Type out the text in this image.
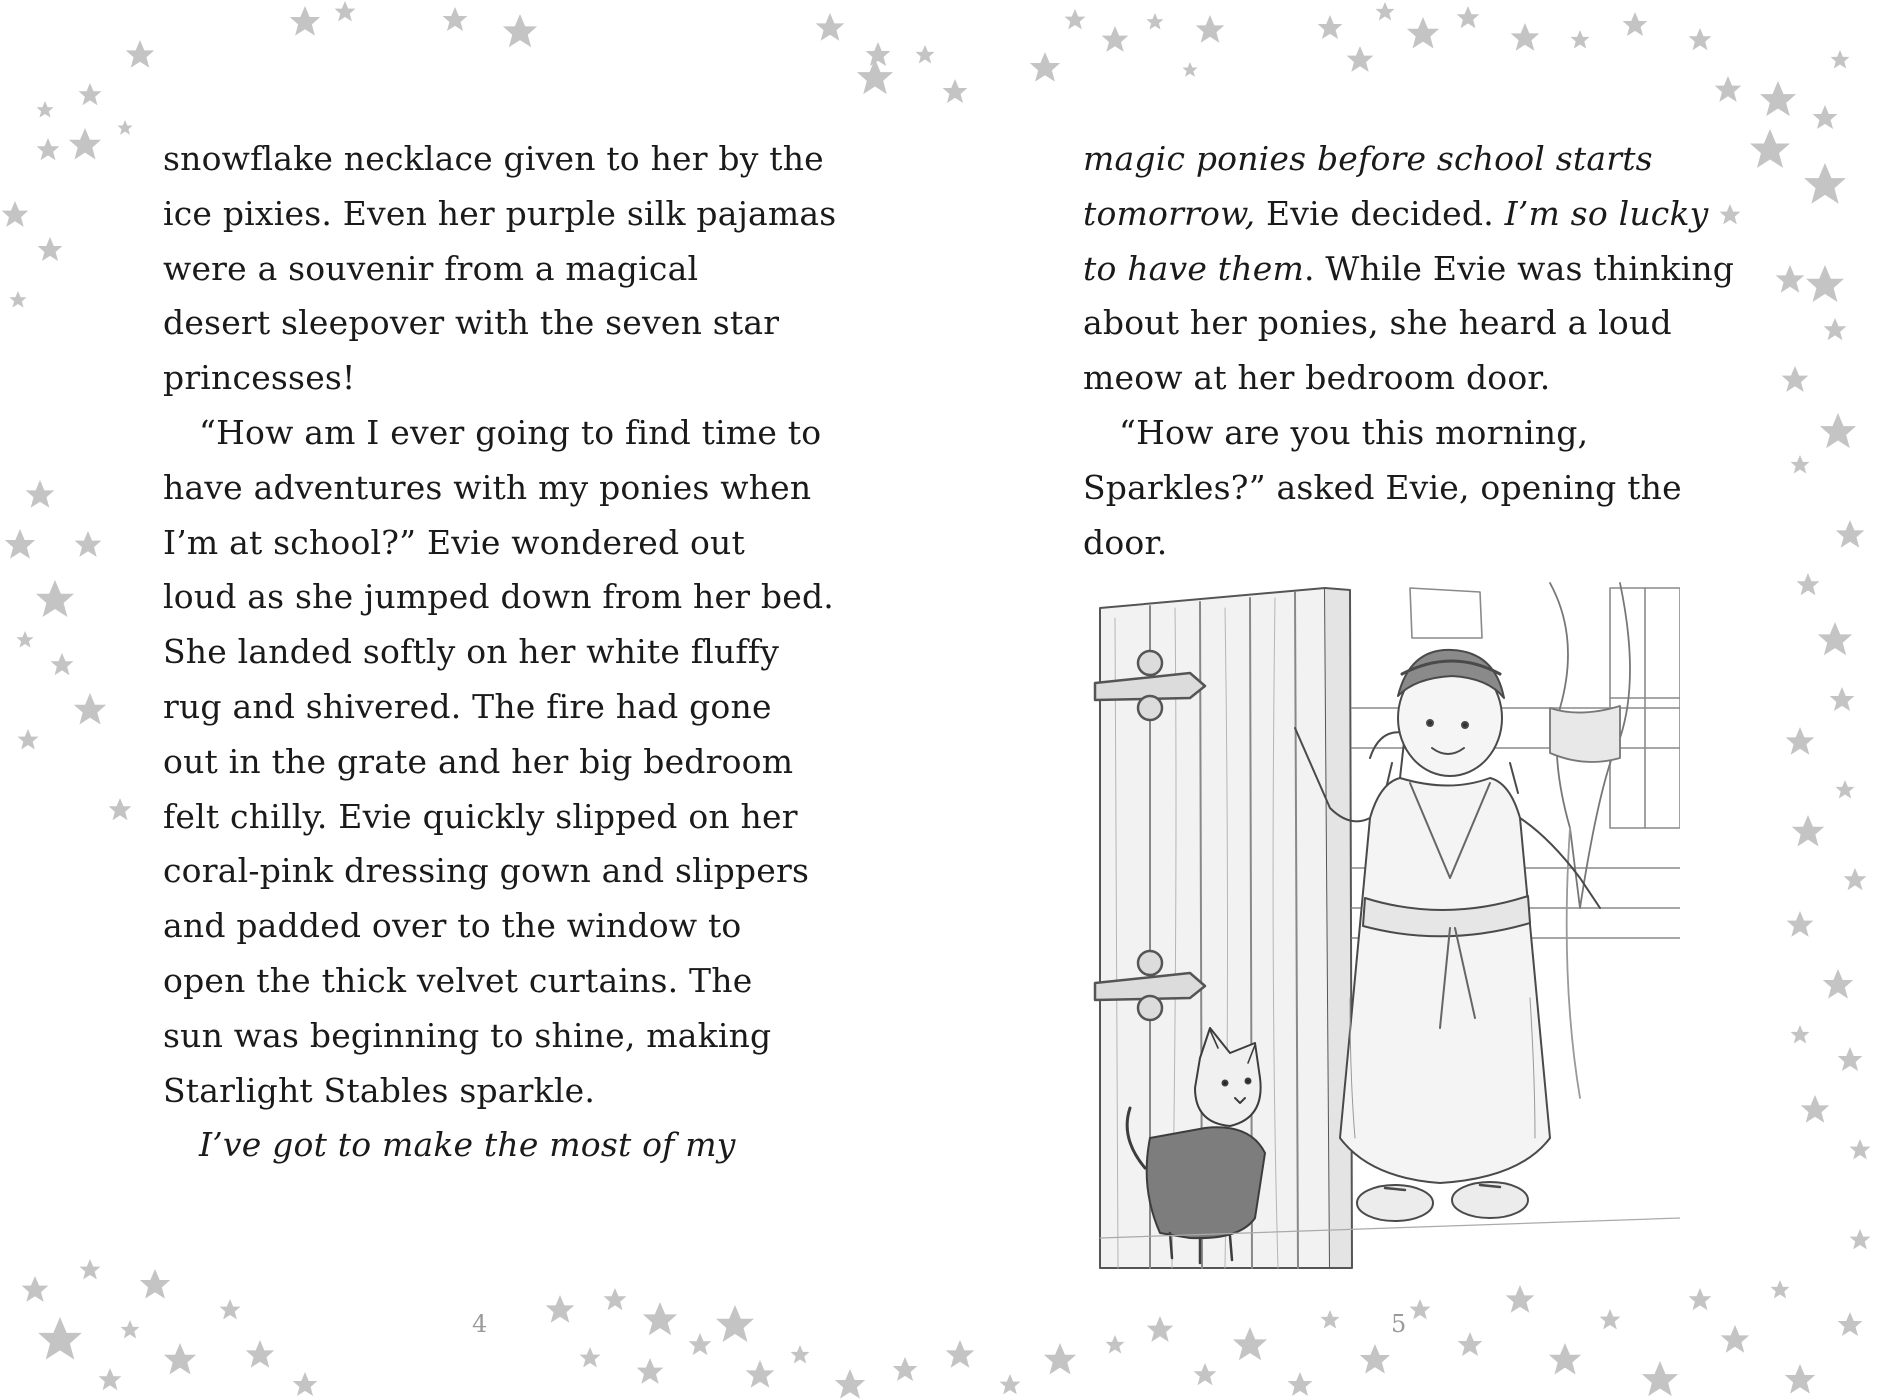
snowflake necklace given to her by the
ice pixies. Even her purple silk pajamas
were a souvenir from a magical
desert sleepover with the seven star
princesses!
“How am I ever going to find time to
have adventures with my ponies when
I’m at school?” Evie wondered out
loud as she jumped down from her bed.
She landed softly on her white fluffy
rug and shivered. The fire had gone
out in the grate and her big bedroom
felt chilly. Evie quickly slipped on her
coral-pink dressing gown and slippers
and padded over to the window to
open the thick velvet curtains. The
sun was beginning to shine, making
Starlight Stables sparkle.
I’ve got to make the most of my
4
magic ponies before school starts
tomorrow, Evie decided. I’m so lucky
to have them. While Evie was thinking
about her ponies, she heard a loud
meow at her bedroom door.
“How are you this morning,
Sparkles?” asked Evie, opening the
door.
5
